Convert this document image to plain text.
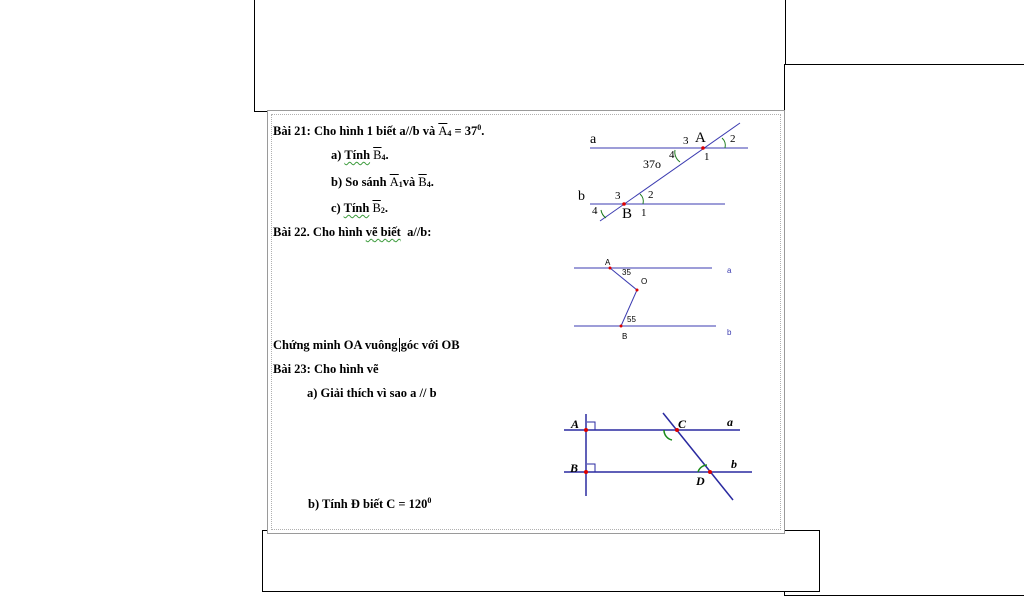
Bài 21: Cho hình 1 biết a//b và $\overline{A}4 = 37^0$.
a) Tính $\overline{B}4$.
b) So sánh $\overline{A}1và$ $\overline{B}4$.
c) Tính $\overline{B}2$.
a
b
A
B
3	2
4	1
37o
3	2
4	1
Bài 22. Cho hình vẽ biết a//b:
A
35
O
55
B
a
b
Chứng minh OA vuông góc với OB
Bài 23: Cho hình vẽ
a) Giải thích vì sao a // b
A
B
C
D
a
b
b) Tính Đ biết $C = 120^0$
